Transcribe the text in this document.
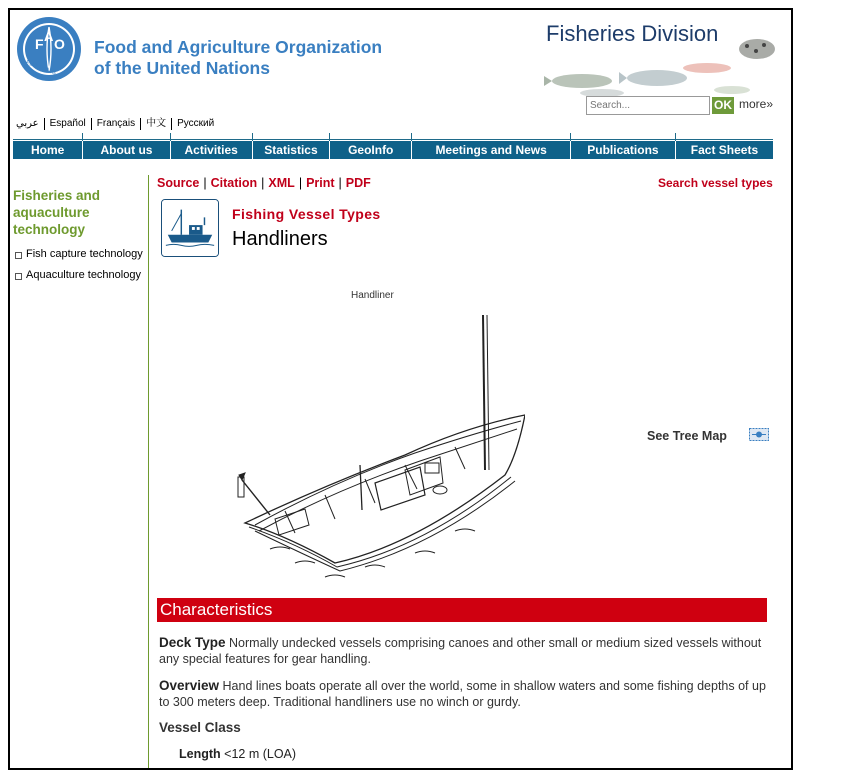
F A O
FIAT PANIS
Food and Agriculture Organization
of the United Nations
Fisheries Division
Search...
OK more»
عربي	Español	Français	中文	Русский
Home	About us	Activities	Statistics	GeoInfo	Meetings and News	Publications	Fact Sheets
Fisheries and
aquaculture
technology
Fish capture technology
Aquaculture technology
Source | Citation | XML | Print | PDF	Search vessel types
Fishing Vessel Types
Handliners
Handliner
See Tree Map
Characteristics
Deck Type Normally undecked vessels comprising canoes and other small or medium sized vessels without any special features for gear handling.
Overview Hand lines boats operate all over the world, some in shallow waters and some fishing depths of up to 300 meters deep. Traditional handliners use no winch or gurdy.
Vessel Class
Length <12 m (LOA)
